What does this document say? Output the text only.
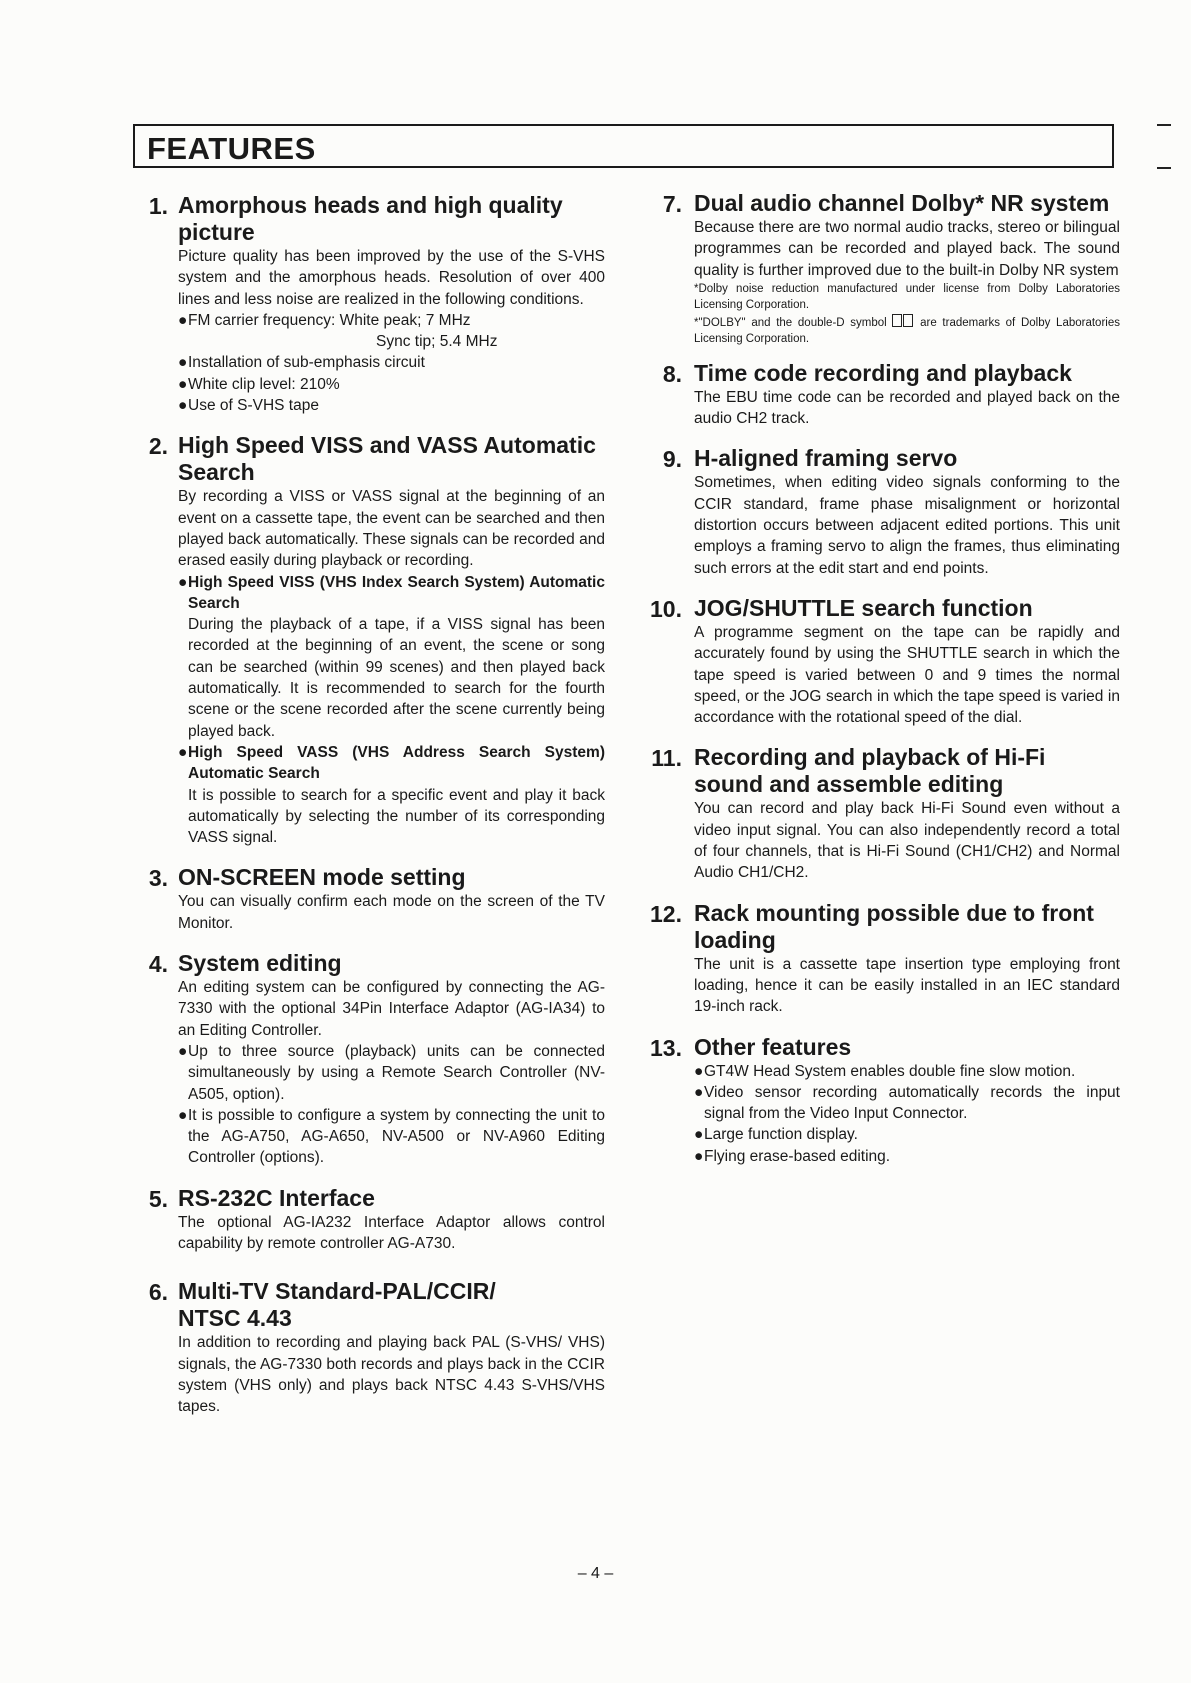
FEATURES
1. Amorphous heads and high quality picture
Picture quality has been improved by the use of the S-VHS system and the amorphous heads. Resolution of over 400 lines and less noise are realized in the following conditions.
● FM carrier frequency: White peak; 7 MHz
Sync tip; 5.4 MHz
● Installation of sub-emphasis circuit
● White clip level: 210%
● Use of S-VHS tape
2. High Speed VISS and VASS Automatic Search
By recording a VISS or VASS signal at the beginning of an event on a cassette tape, the event can be searched and then played back automatically. These signals can be recorded and erased easily during playback or recording.
● High Speed VISS (VHS Index Search System) Automatic Search
During the playback of a tape, if a VISS signal has been recorded at the beginning of an event, the scene or song can be searched (within 99 scenes) and then played back automatically. It is recommended to search for the fourth scene or the scene recorded after the scene currently being played back.
● High Speed VASS (VHS Address Search System) Automatic Search
It is possible to search for a specific event and play it back automatically by selecting the number of its corresponding VASS signal.
3. ON-SCREEN mode setting
You can visually confirm each mode on the screen of the TV Monitor.
4. System editing
An editing system can be configured by connecting the AG-7330 with the optional 34Pin Interface Adaptor (AG-IA34) to an Editing Controller.
● Up to three source (playback) units can be connected simultaneously by using a Remote Search Controller (NV-A505, option).
● It is possible to configure a system by connecting the unit to the AG-A750, AG-A650, NV-A500 or NV-A960 Editing Controller (options).
5. RS-232C Interface
The optional AG-IA232 Interface Adaptor allows control capability by remote controller AG-A730.
6. Multi-TV Standard-PAL/CCIR/ NTSC 4.43
In addition to recording and playing back PAL (S-VHS/ VHS) signals, the AG-7330 both records and plays back in the CCIR system (VHS only) and plays back NTSC 4.43 S-VHS/VHS tapes.
7. Dual audio channel Dolby* NR system
Because there are two normal audio tracks, stereo or bilingual programmes can be recorded and played back. The sound quality is further improved due to the built-in Dolby NR system
*Dolby noise reduction manufactured under license from Dolby Laboratories Licensing Corporation.
*"DOLBY" and the double-D symbol	are trademarks of Dolby Laboratories Licensing Corporation.
8. Time code recording and playback
The EBU time code can be recorded and played back on the audio CH2 track.
9. H-aligned framing servo
Sometimes, when editing video signals conforming to the CCIR standard, frame phase misalignment or horizontal distortion occurs between adjacent edited portions. This unit employs a framing servo to align the frames, thus eliminating such errors at the edit start and end points.
10. JOG/SHUTTLE search function
A programme segment on the tape can be rapidly and accurately found by using the SHUTTLE search in which the tape speed is varied between 0 and 9 times the normal speed, or the JOG search in which the tape speed is varied in accordance with the rotational speed of the dial.
11. Recording and playback of Hi-Fi sound and assemble editing
You can record and play back Hi-Fi Sound even without a video input signal. You can also independently record a total of four channels, that is Hi-Fi Sound (CH1/CH2) and Normal Audio CH1/CH2.
12. Rack mounting possible due to front loading
The unit is a cassette tape insertion type employing front loading, hence it can be easily installed in an IEC standard 19-inch rack.
13. Other features
● GT4W Head System enables double fine slow motion.
● Video sensor recording automatically records the input signal from the Video Input Connector.
● Large function display.
● Flying erase-based editing.
– 4 –
